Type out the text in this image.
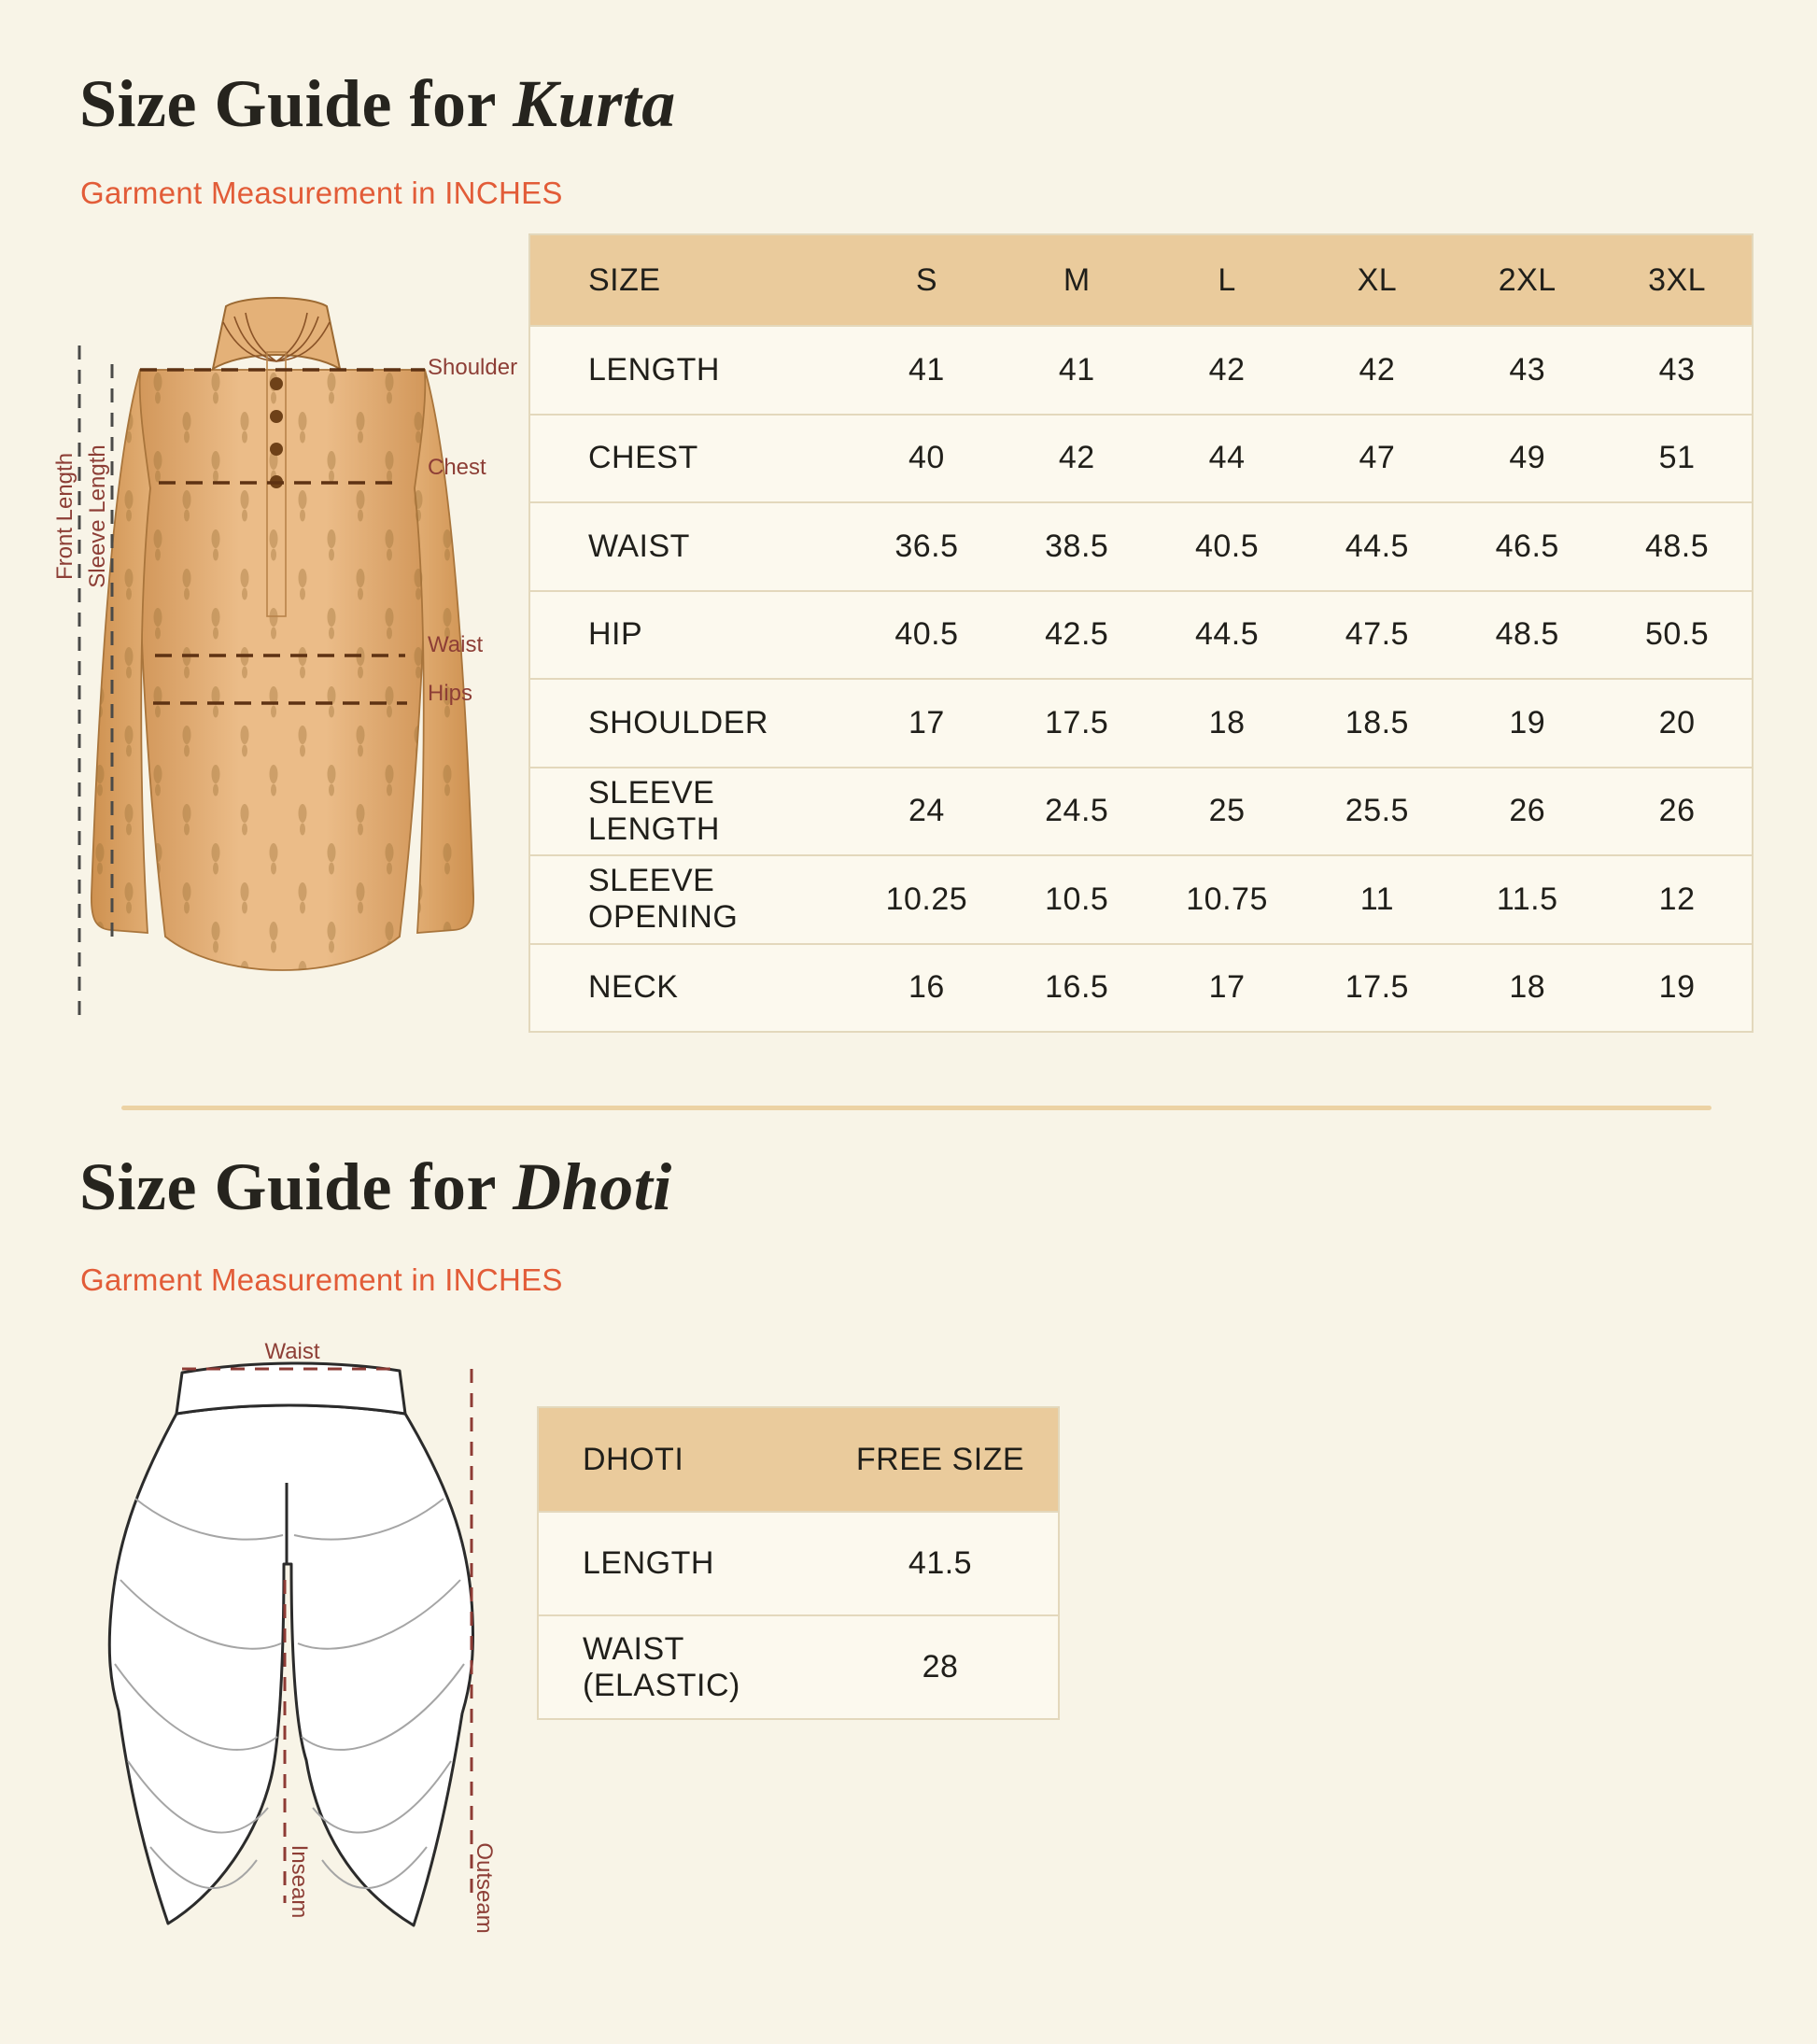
Size Guide for Kurta
Garment Measurement in INCHES
Shoulder
Chest
Waist
Hips
Front Length Sleeve Length
SIZE	S	M	L	XL	2XL	3XL
LENGTH	41	41	42	42	43	43
CHEST	40	42	44	47	49	51
WAIST	36.5	38.5	40.5	44.5	46.5	48.5
HIP	40.5	42.5	44.5	47.5	48.5	50.5
SHOULDER	17	17.5	18	18.5	19	20
SLEEVE LENGTH	24	24.5	25	25.5	26	26
SLEEVE OPENING	10.25	10.5	10.75	11	11.5	12
NECK	16	16.5	17	17.5	18	19
Size Guide for Dhoti
Garment Measurement in INCHES
Waist
Inseam	Outseam
DHOTI	FREE SIZE
LENGTH	41.5
WAIST (ELASTIC)	28
